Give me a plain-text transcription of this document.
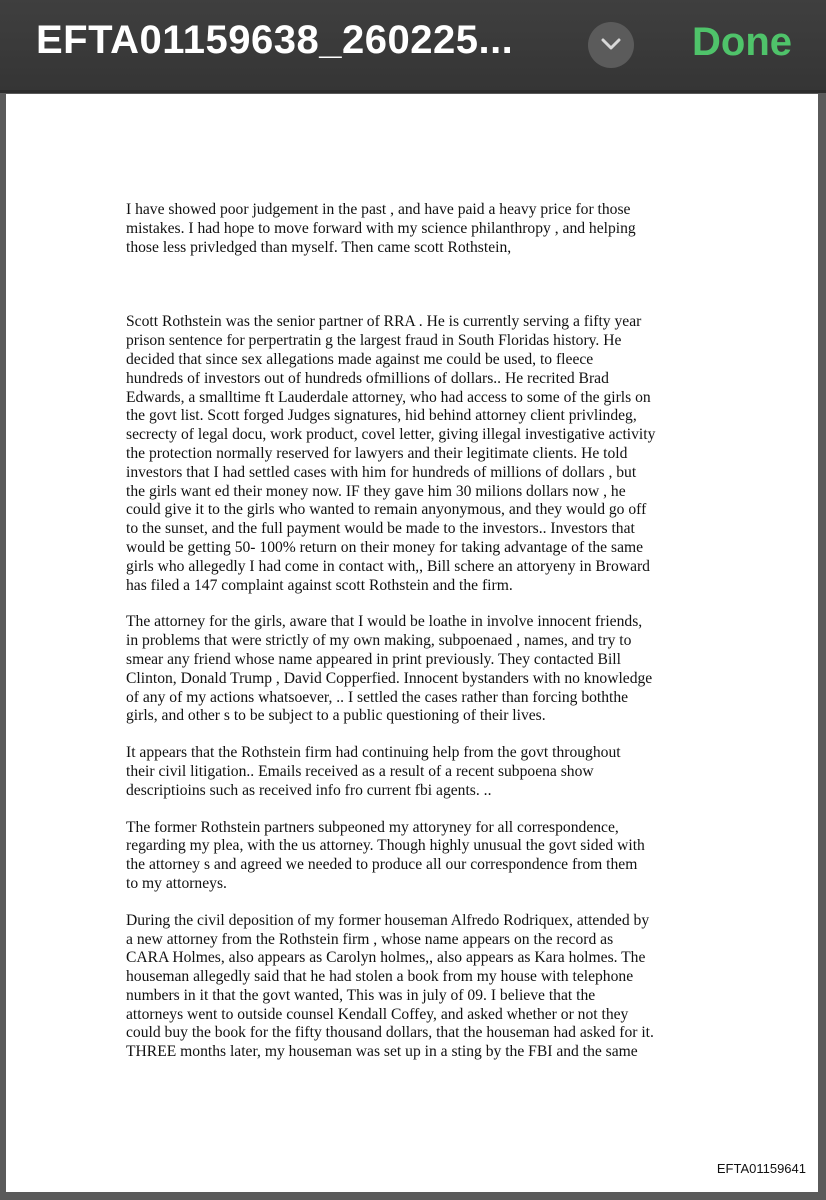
EFTA01159638_260225...	Done

I have showed poor judgement in the past , and have paid a heavy price for those
mistakes. I had hope to move forward with my science philanthropy , and helping
those less privledged than myself. Then came scott Rothstein,

Scott Rothstein was the senior partner of RRA . He is currently serving a fifty year
prison sentence for perpertratin g the largest fraud in South Floridas history. He
decided that since sex allegations made against me could be used, to fleece
hundreds of investors out of hundreds ofmillions of dollars.. He recrited Brad
Edwards, a smalltime ft Lauderdale attorney, who had access to some of the girls on
the govt list. Scott forged Judges signatures, hid behind attorney client privlindeg,
secrecty of legal docu, work product, covel letter, giving illegal investigative activity
the protection normally reserved for lawyers and their legitimate clients. He told
investors that I had settled cases with him for hundreds of millions of dollars , but
the girls want ed their money now. IF they gave him 30 milions dollars now , he
could give it to the girls who wanted to remain anyonymous, and they would go off
to the sunset, and the full payment would be made to the investors.. Investors that
would be getting 50- 100% return on their money for taking advantage of the same
girls who allegedly I had come in contact with,, Bill schere an attoryeny in Broward
has filed a 147 complaint against scott Rothstein and the firm.

The attorney for the girls, aware that I would be loathe in involve innocent friends,
in problems that were strictly of my own making, subpoenaed , names, and try to
smear any friend whose name appeared in print previously. They contacted Bill
Clinton, Donald Trump , David Copperfied. Innocent bystanders with no knowledge
of any of my actions whatsoever, .. I settled the cases rather than forcing boththe
girls, and other s to be subject to a public questioning of their lives.

It appears that the Rothstein firm had continuing help from the govt throughout
their civil litigation.. Emails received as a result of a recent subpoena show
descriptioins such as received info fro current fbi agents. ..

The former Rothstein partners subpeoned my attoryney for all correspondence,
regarding my plea, with the us attorney. Though highly unusual the govt sided with
the attorney s and agreed we needed to produce all our correspondence from them
to my attorneys.

During the civil deposition of my former houseman Alfredo Rodriquex, attended by
a new attorney from the Rothstein firm , whose name appears on the record as
CARA Holmes, also appears as Carolyn holmes,, also appears as Kara holmes. The
houseman allegedly said that he had stolen a book from my house with telephone
numbers in it that the govt wanted, This was in july of 09. I believe that the
attorneys went to outside counsel Kendall Coffey, and asked whether or not they
could buy the book for the fifty thousand dollars, that the houseman had asked for it.
THREE months later, my houseman was set up in a sting by the FBI and the same

EFTA01159641
